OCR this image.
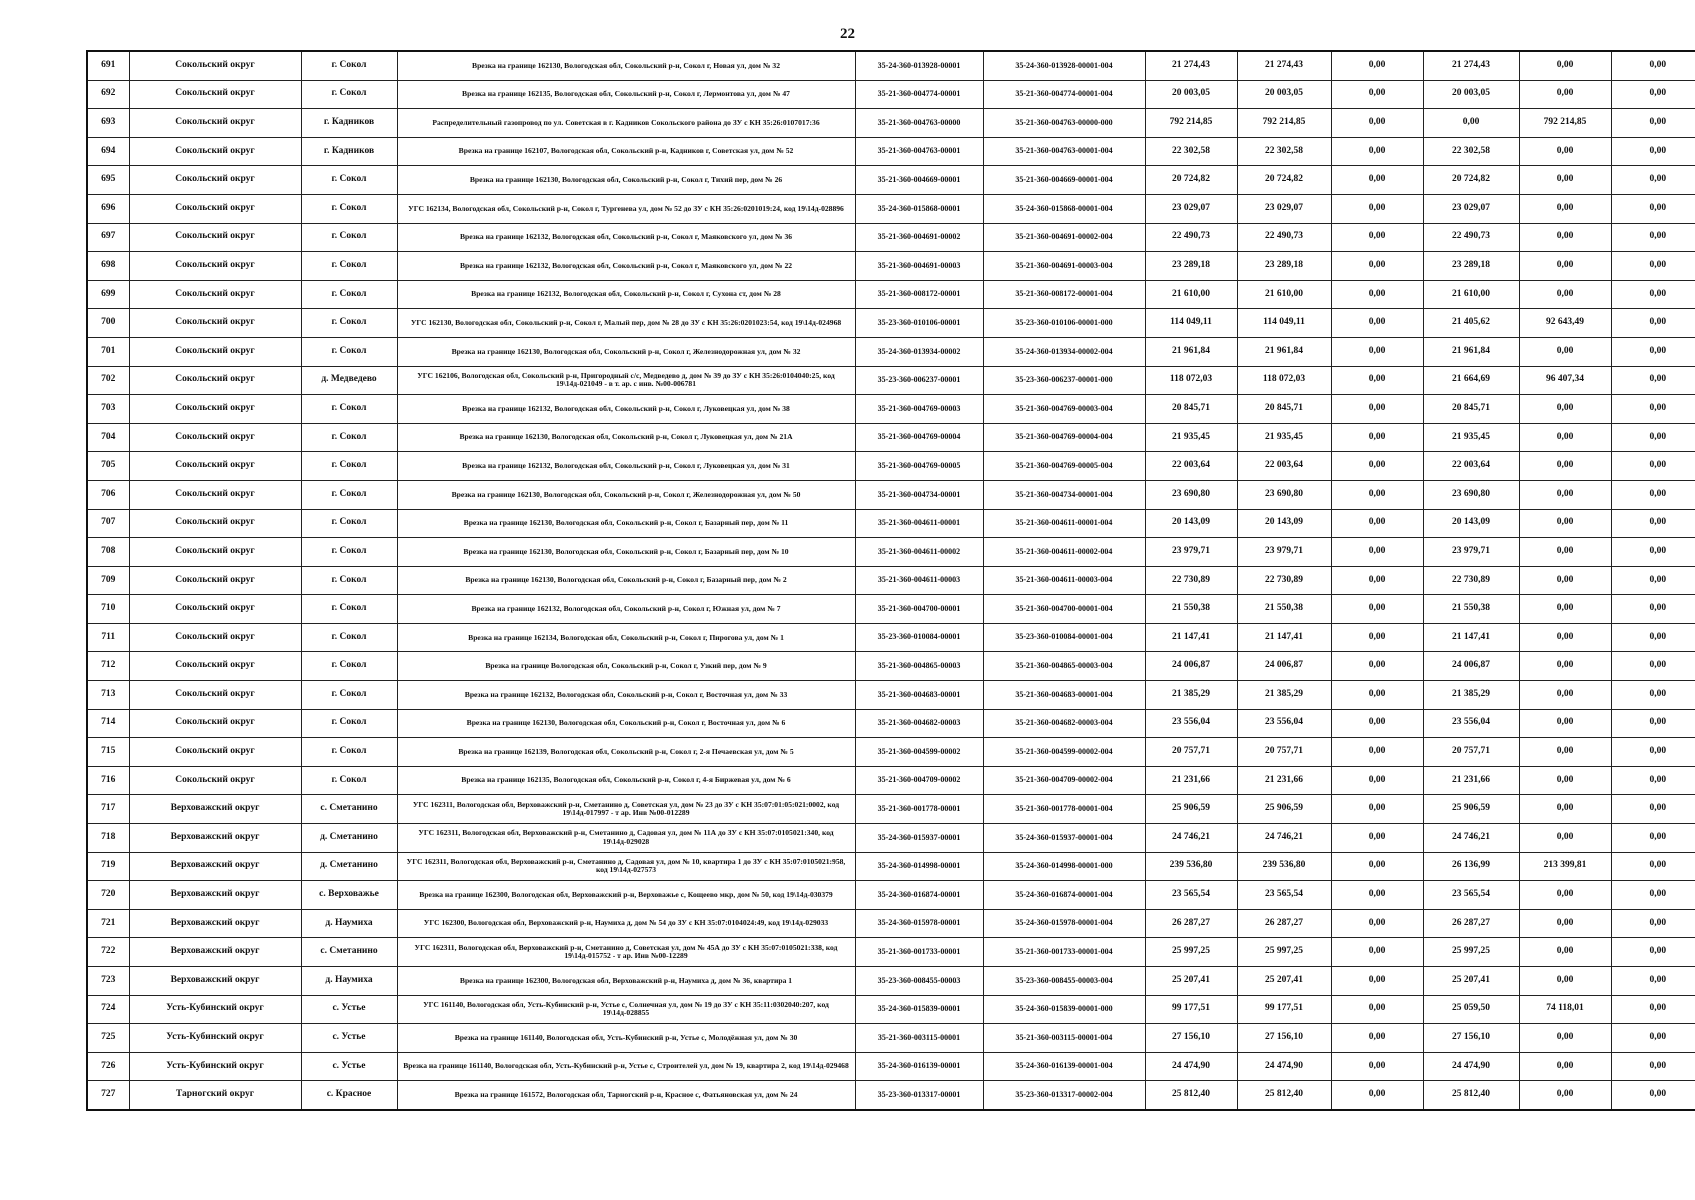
22
691	Сокольский округ	г. Сокол	Врезка на границе 162130, Вологодская обл, Сокольский р-н, Сокол г, Новая ул, дом № 32	35-24-360-013928-00001	35-24-360-013928-00001-004	21 274,43	21 274,43	0,00	21 274,43	0,00	0,00
692	Сокольский округ	г. Сокол	Врезка на границе 162135, Вологодская обл, Сокольский р-н, Сокол г, Лермонтова ул, дом № 47	35-21-360-004774-00001	35-21-360-004774-00001-004	20 003,05	20 003,05	0,00	20 003,05	0,00	0,00
693	Сокольский округ	г. Кадников	Распределительный газопровод по ул. Советская в г. Кадников Сокольского района до ЗУ с КН 35:26:0107017:36	35-21-360-004763-00000	35-21-360-004763-00000-000	792 214,85	792 214,85	0,00	0,00	792 214,85	0,00
694	Сокольский округ	г. Кадников	Врезка на границе 162107, Вологодская обл, Сокольский р-н, Кадников г, Советская ул, дом № 52	35-21-360-004763-00001	35-21-360-004763-00001-004	22 302,58	22 302,58	0,00	22 302,58	0,00	0,00
695	Сокольский округ	г. Сокол	Врезка на границе 162130, Вологодская обл, Сокольский р-н, Сокол г, Тихий пер, дом № 26	35-21-360-004669-00001	35-21-360-004669-00001-004	20 724,82	20 724,82	0,00	20 724,82	0,00	0,00
696	Сокольский округ	г. Сокол	УГС 162134, Вологодская обл, Сокольский р-н, Сокол г, Тургенева ул, дом № 52 до ЗУ с КН 35:26:0201019:24, код 19\14д-028896	35-24-360-015868-00001	35-24-360-015868-00001-004	23 029,07	23 029,07	0,00	23 029,07	0,00	0,00
697	Сокольский округ	г. Сокол	Врезка на границе 162132, Вологодская обл, Сокольский р-н, Сокол г, Маяковского ул, дом № 36	35-21-360-004691-00002	35-21-360-004691-00002-004	22 490,73	22 490,73	0,00	22 490,73	0,00	0,00
698	Сокольский округ	г. Сокол	Врезка на границе 162132, Вологодская обл, Сокольский р-н, Сокол г, Маяковского ул, дом № 22	35-21-360-004691-00003	35-21-360-004691-00003-004	23 289,18	23 289,18	0,00	23 289,18	0,00	0,00
699	Сокольский округ	г. Сокол	Врезка на границе 162132, Вологодская обл, Сокольский р-н, Сокол г, Сухона ст, дом № 28	35-21-360-008172-00001	35-21-360-008172-00001-004	21 610,00	21 610,00	0,00	21 610,00	0,00	0,00
700	Сокольский округ	г. Сокол	УГС 162130, Вологодская обл, Сокольский р-н, Сокол г, Малый пер, дом № 28 до ЗУ с КН 35:26:0201023:54, код 19\14д-024968	35-23-360-010106-00001	35-23-360-010106-00001-000	114 049,11	114 049,11	0,00	21 405,62	92 643,49	0,00
701	Сокольский округ	г. Сокол	Врезка на границе 162130, Вологодская обл, Сокольский р-н, Сокол г, Железнодорожная ул, дом № 32	35-24-360-013934-00002	35-24-360-013934-00002-004	21 961,84	21 961,84	0,00	21 961,84	0,00	0,00
702	Сокольский округ	д. Медведево	УГС 162106, Вологодская обл, Сокольский р-н, Пригородный с/с, Медведево д, дом № 39 до ЗУ с КН 35:26:0104040:25, код 19\14д-021049 - в т. ар. с инв. №00-006781	35-23-360-006237-00001	35-23-360-006237-00001-000	118 072,03	118 072,03	0,00	21 664,69	96 407,34	0,00
703	Сокольский округ	г. Сокол	Врезка на границе 162132, Вологодская обл, Сокольский р-н, Сокол г, Луковецкая ул, дом № 38	35-21-360-004769-00003	35-21-360-004769-00003-004	20 845,71	20 845,71	0,00	20 845,71	0,00	0,00
704	Сокольский округ	г. Сокол	Врезка на границе 162130, Вологодская обл, Сокольский р-н, Сокол г, Луковецкая ул, дом № 21А	35-21-360-004769-00004	35-21-360-004769-00004-004	21 935,45	21 935,45	0,00	21 935,45	0,00	0,00
705	Сокольский округ	г. Сокол	Врезка на границе 162132, Вологодская обл, Сокольский р-н, Сокол г, Луковецкая ул, дом № 31	35-21-360-004769-00005	35-21-360-004769-00005-004	22 003,64	22 003,64	0,00	22 003,64	0,00	0,00
706	Сокольский округ	г. Сокол	Врезка на границе 162130, Вологодская обл, Сокольский р-н, Сокол г, Железнодорожная ул, дом № 50	35-21-360-004734-00001	35-21-360-004734-00001-004	23 690,80	23 690,80	0,00	23 690,80	0,00	0,00
707	Сокольский округ	г. Сокол	Врезка на границе 162130, Вологодская обл, Сокольский р-н, Сокол г, Базарный пер, дом № 11	35-21-360-004611-00001	35-21-360-004611-00001-004	20 143,09	20 143,09	0,00	20 143,09	0,00	0,00
708	Сокольский округ	г. Сокол	Врезка на границе 162130, Вологодская обл, Сокольский р-н, Сокол г, Базарный пер, дом № 10	35-21-360-004611-00002	35-21-360-004611-00002-004	23 979,71	23 979,71	0,00	23 979,71	0,00	0,00
709	Сокольский округ	г. Сокол	Врезка на границе 162130, Вологодская обл, Сокольский р-н, Сокол г, Базарный пер, дом № 2	35-21-360-004611-00003	35-21-360-004611-00003-004	22 730,89	22 730,89	0,00	22 730,89	0,00	0,00
710	Сокольский округ	г. Сокол	Врезка на границе 162132, Вологодская обл, Сокольский р-н, Сокол г, Южная ул, дом № 7	35-21-360-004700-00001	35-21-360-004700-00001-004	21 550,38	21 550,38	0,00	21 550,38	0,00	0,00
711	Сокольский округ	г. Сокол	Врезка на границе 162134, Вологодская обл, Сокольский р-н, Сокол г, Пирогова ул, дом № 1	35-23-360-010084-00001	35-23-360-010084-00001-004	21 147,41	21 147,41	0,00	21 147,41	0,00	0,00
712	Сокольский округ	г. Сокол	Врезка на границе Вологодская обл, Сокольский р-н, Сокол г, Узкий пер, дом № 9	35-21-360-004865-00003	35-21-360-004865-00003-004	24 006,87	24 006,87	0,00	24 006,87	0,00	0,00
713	Сокольский округ	г. Сокол	Врезка на границе 162132, Вологодская обл, Сокольский р-н, Сокол г, Восточная ул, дом № 33	35-21-360-004683-00001	35-21-360-004683-00001-004	21 385,29	21 385,29	0,00	21 385,29	0,00	0,00
714	Сокольский округ	г. Сокол	Врезка на границе 162130, Вологодская обл, Сокольский р-н, Сокол г, Восточная ул, дом № 6	35-21-360-004682-00003	35-21-360-004682-00003-004	23 556,04	23 556,04	0,00	23 556,04	0,00	0,00
715	Сокольский округ	г. Сокол	Врезка на границе 162139, Вологодская обл, Сокольский р-н, Сокол г, 2-я Печаевская ул, дом № 5	35-21-360-004599-00002	35-21-360-004599-00002-004	20 757,71	20 757,71	0,00	20 757,71	0,00	0,00
716	Сокольский округ	г. Сокол	Врезка на границе 162135, Вологодская обл, Сокольский р-н, Сокол г, 4-я Биржевая ул, дом № 6	35-21-360-004709-00002	35-21-360-004709-00002-004	21 231,66	21 231,66	0,00	21 231,66	0,00	0,00
717	Верховажский округ	с. Сметанино	УГС 162311, Вологодская обл, Верховажский р-н, Сметанино д, Советская ул, дом № 23 до ЗУ с КН 35:07:01:05:021:0002, код 19\14д-017997 - т ар. Инв №00-012289	35-21-360-001778-00001	35-21-360-001778-00001-004	25 906,59	25 906,59	0,00	25 906,59	0,00	0,00
718	Верховажский округ	д. Сметанино	УГС 162311, Вологодская обл, Верховажский р-н, Сметанино д, Садовая ул, дом № 11А до ЗУ с КН 35:07:0105021:340, код 19\14д-029028	35-24-360-015937-00001	35-24-360-015937-00001-004	24 746,21	24 746,21	0,00	24 746,21	0,00	0,00
719	Верховажский округ	д. Сметанино	УГС 162311, Вологодская обл, Верховажский р-н, Сметанино д, Садовая ул, дом № 10, квартира 1 до ЗУ с КН 35:07:0105021:958, код 19\14д-027573	35-24-360-014998-00001	35-24-360-014998-00001-000	239 536,80	239 536,80	0,00	26 136,99	213 399,81	0,00
720	Верховажский округ	с. Верховажье	Врезка на границе 162300, Вологодская обл, Верховажский р-н, Верховажье с, Кощеево мкр, дом № 50, код 19\14д-030379	35-24-360-016874-00001	35-24-360-016874-00001-004	23 565,54	23 565,54	0,00	23 565,54	0,00	0,00
721	Верховажский округ	д. Наумиха	УГС 162300, Вологодская обл, Верховажский р-н, Наумиха д, дом № 54 до ЗУ с КН 35:07:0104024:49, код 19\14д-029033	35-24-360-015978-00001	35-24-360-015978-00001-004	26 287,27	26 287,27	0,00	26 287,27	0,00	0,00
722	Верховажский округ	с. Сметанино	УГС 162311, Вологодская обл, Верховажский р-н, Сметанино д, Советская ул, дом № 45А до ЗУ с КН 35:07:0105021:338, код 19\14д-015752 - т ар. Инв №00-12289	35-21-360-001733-00001	35-21-360-001733-00001-004	25 997,25	25 997,25	0,00	25 997,25	0,00	0,00
723	Верховажский округ	д. Наумиха	Врезка на границе 162300, Вологодская обл, Верховажский р-н, Наумиха д, дом № 36, квартира 1	35-23-360-008455-00003	35-23-360-008455-00003-004	25 207,41	25 207,41	0,00	25 207,41	0,00	0,00
724	Усть-Кубинский округ	с. Устье	УГС 161140, Вологодская обл, Усть-Кубинский р-н, Устье с, Солнечная ул, дом № 19 до ЗУ с КН 35:11:0302040:207, код 19\14д-028855	35-24-360-015839-00001	35-24-360-015839-00001-000	99 177,51	99 177,51	0,00	25 059,50	74 118,01	0,00
725	Усть-Кубинский округ	с. Устье	Врезка на границе 161140, Вологодская обл, Усть-Кубинский р-н, Устье с, Молодёжная ул, дом № 30	35-21-360-003115-00001	35-21-360-003115-00001-004	27 156,10	27 156,10	0,00	27 156,10	0,00	0,00
726	Усть-Кубинский округ	с. Устье	Врезка на границе 161140, Вологодская обл, Усть-Кубинский р-н, Устье с, Строителей ул, дом № 19, квартира 2, код 19\14д-029468	35-24-360-016139-00001	35-24-360-016139-00001-004	24 474,90	24 474,90	0,00	24 474,90	0,00	0,00
727	Тарногский округ	с. Красное	Врезка на границе 161572, Вологодская обл, Тарногский р-н, Красное с, Фатьяновская ул, дом № 24	35-23-360-013317-00001	35-23-360-013317-00002-004	25 812,40	25 812,40	0,00	25 812,40	0,00	0,00
